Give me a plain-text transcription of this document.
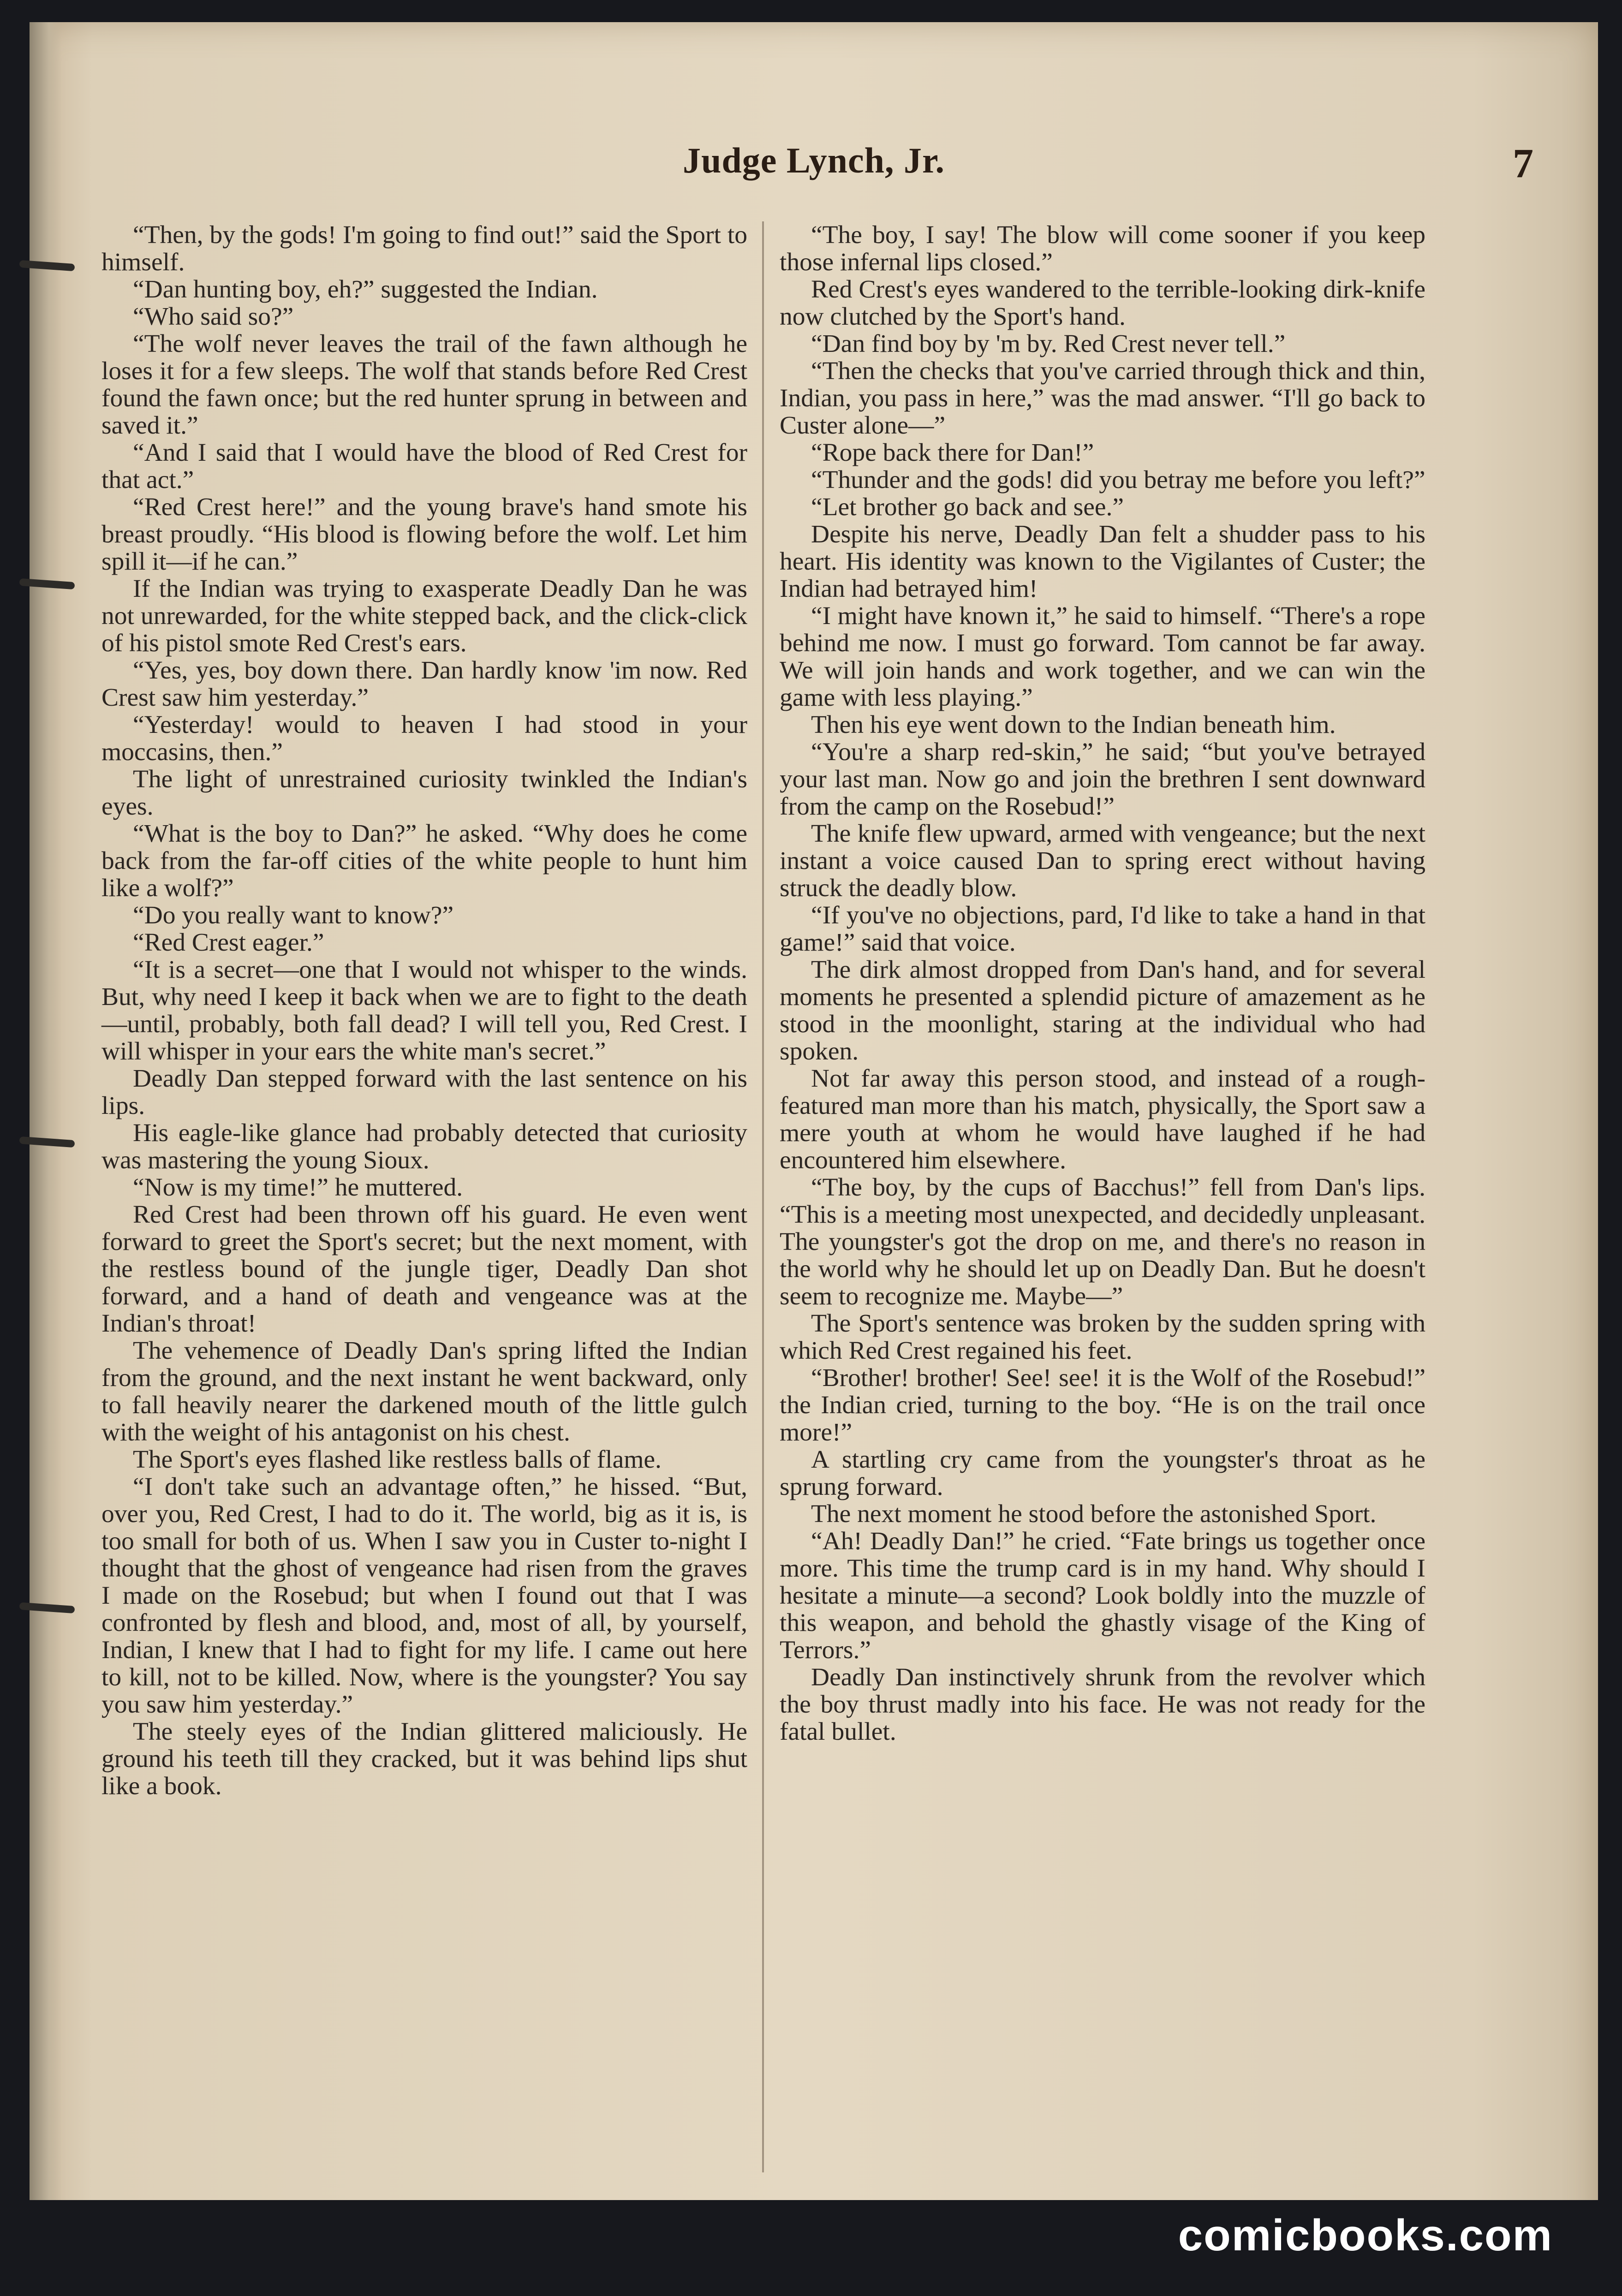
Judge Lynch, Jr.	7

“Then, by the gods! I'm going to find out!” said the Sport to himself.

“Dan hunting boy, eh?” suggested the Indian.

“Who said so?”

“The wolf never leaves the trail of the fawn although he loses it for a few sleeps. The wolf that stands before Red Crest found the fawn once; but the red hunter sprung in between and saved it.”

“And I said that I would have the blood of Red Crest for that act.”

“Red Crest here!” and the young brave's hand smote his breast proudly. “His blood is flowing before the wolf. Let him spill it—if he can.”

If the Indian was trying to exasperate Deadly Dan he was not unrewarded, for the white stepped back, and the click-click of his pistol smote Red Crest's ears.

“Yes, yes, boy down there. Dan hardly know 'im now. Red Crest saw him yesterday.”

“Yesterday! would to heaven I had stood in your moccasins, then.”

The light of unrestrained curiosity twinkled the Indian's eyes.

“What is the boy to Dan?” he asked. “Why does he come back from the far-off cities of the white people to hunt him like a wolf?”

“Do you really want to know?”

“Red Crest eager.”

“It is a secret—one that I would not whisper to the winds. But, why need I keep it back when we are to fight to the death—until, probably, both fall dead? I will tell you, Red Crest. I will whisper in your ears the white man's secret.”

Deadly Dan stepped forward with the last sentence on his lips.

His eagle-like glance had probably detected that curiosity was mastering the young Sioux.

“Now is my time!” he muttered.

Red Crest had been thrown off his guard. He even went forward to greet the Sport's secret; but the next moment, with the restless bound of the jungle tiger, Deadly Dan shot forward, and a hand of death and vengeance was at the Indian's throat!

The vehemence of Deadly Dan's spring lifted the Indian from the ground, and the next instant he went backward, only to fall heavily nearer the darkened mouth of the little gulch with the weight of his antagonist on his chest.

The Sport's eyes flashed like restless balls of flame.

“I don't take such an advantage often,” he hissed. “But, over you, Red Crest, I had to do it. The world, big as it is, is too small for both of us. When I saw you in Custer to-night I thought that the ghost of vengeance had risen from the graves I made on the Rosebud; but when I found out that I was confronted by flesh and blood, and, most of all, by yourself, Indian, I knew that I had to fight for my life. I came out here to kill, not to be killed. Now, where is the youngster? You say you saw him yesterday.”

The steely eyes of the Indian glittered maliciously. He ground his teeth till they cracked, but it was behind lips shut like a book.

“The boy, I say! The blow will come sooner if you keep those infernal lips closed.”

Red Crest's eyes wandered to the terrible-looking dirk-knife now clutched by the Sport's hand.

“Dan find boy by 'm by. Red Crest never tell.”

“Then the checks that you've carried through thick and thin, Indian, you pass in here,” was the mad answer. “I'll go back to Custer alone—”

“Rope back there for Dan!”

“Thunder and the gods! did you betray me before you left?”

“Let brother go back and see.”

Despite his nerve, Deadly Dan felt a shudder pass to his heart. His identity was known to the Vigilantes of Custer; the Indian had betrayed him!

“I might have known it,” he said to himself. “There's a rope behind me now. I must go forward. Tom cannot be far away. We will join hands and work together, and we can win the game with less playing.”

Then his eye went down to the Indian beneath him.

“You're a sharp red-skin,” he said; “but you've betrayed your last man. Now go and join the brethren I sent downward from the camp on the Rosebud!”

The knife flew upward, armed with vengeance; but the next instant a voice caused Dan to spring erect without having struck the deadly blow.

“If you've no objections, pard, I'd like to take a hand in that game!” said that voice.

The dirk almost dropped from Dan's hand, and for several moments he presented a splendid picture of amazement as he stood in the moonlight, staring at the individual who had spoken.

Not far away this person stood, and instead of a rough-featured man more than his match, physically, the Sport saw a mere youth at whom he would have laughed if he had encountered him elsewhere.

“The boy, by the cups of Bacchus!” fell from Dan's lips. “This is a meeting most unexpected, and decidedly unpleasant. The youngster's got the drop on me, and there's no reason in the world why he should let up on Deadly Dan. But he doesn't seem to recognize me. Maybe—”

The Sport's sentence was broken by the sudden spring with which Red Crest regained his feet.

“Brother! brother! See! see! it is the Wolf of the Rosebud!” the Indian cried, turning to the boy. “He is on the trail once more!”

A startling cry came from the youngster's throat as he sprung forward.

The next moment he stood before the astonished Sport.

“Ah! Deadly Dan!” he cried. “Fate brings us together once more. This time the trump card is in my hand. Why should I hesitate a minute—a second? Look boldly into the muzzle of this weapon, and behold the ghastly visage of the King of Terrors.”

Deadly Dan instinctively shrunk from the revolver which the boy thrust madly into his face. He was not ready for the fatal bullet.

comicbooks.com
